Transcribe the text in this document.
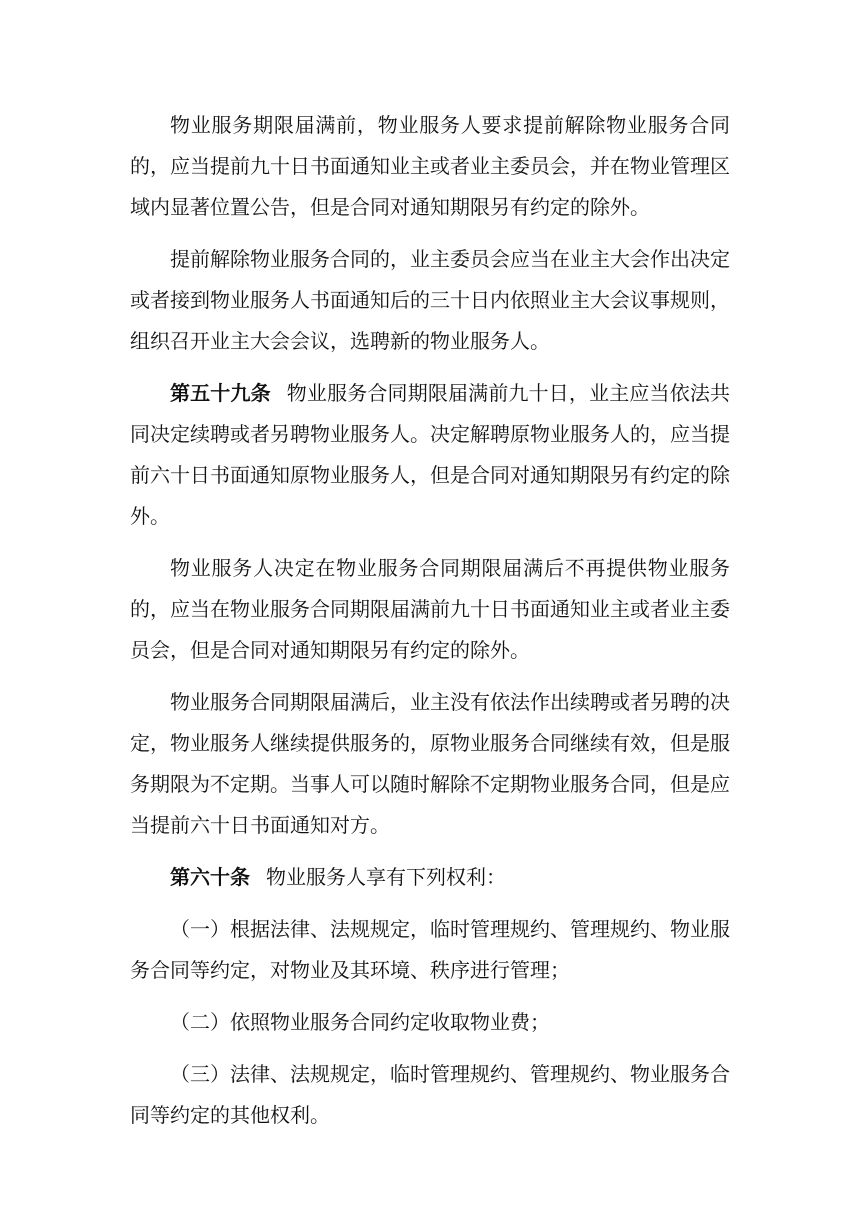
物业服务期限届满前，物业服务人要求提前解除物业服务合同的，应当提前九十日书面通知业主或者业主委员会，并在物业管理区域内显著位置公告，但是合同对通知期限另有约定的除外。

提前解除物业服务合同的，业主委员会应当在业主大会作出决定或者接到物业服务人书面通知后的三十日内依照业主大会议事规则，组织召开业主大会会议，选聘新的物业服务人。

第五十九条 物业服务合同期限届满前九十日，业主应当依法共同决定续聘或者另聘物业服务人。决定解聘原物业服务人的，应当提前六十日书面通知原物业服务人，但是合同对通知期限另有约定的除外。

物业服务人决定在物业服务合同期限届满后不再提供物业服务的，应当在物业服务合同期限届满前九十日书面通知业主或者业主委员会，但是合同对通知期限另有约定的除外。

物业服务合同期限届满后，业主没有依法作出续聘或者另聘的决定，物业服务人继续提供服务的，原物业服务合同继续有效，但是服务期限为不定期。当事人可以随时解除不定期物业服务合同，但是应当提前六十日书面通知对方。

第六十条 物业服务人享有下列权利：

（一）根据法律、法规规定，临时管理规约、管理规约、物业服务合同等约定，对物业及其环境、秩序进行管理；

（二）依照物业服务合同约定收取物业费；

（三）法律、法规规定，临时管理规约、管理规约、物业服务合同等约定的其他权利。
